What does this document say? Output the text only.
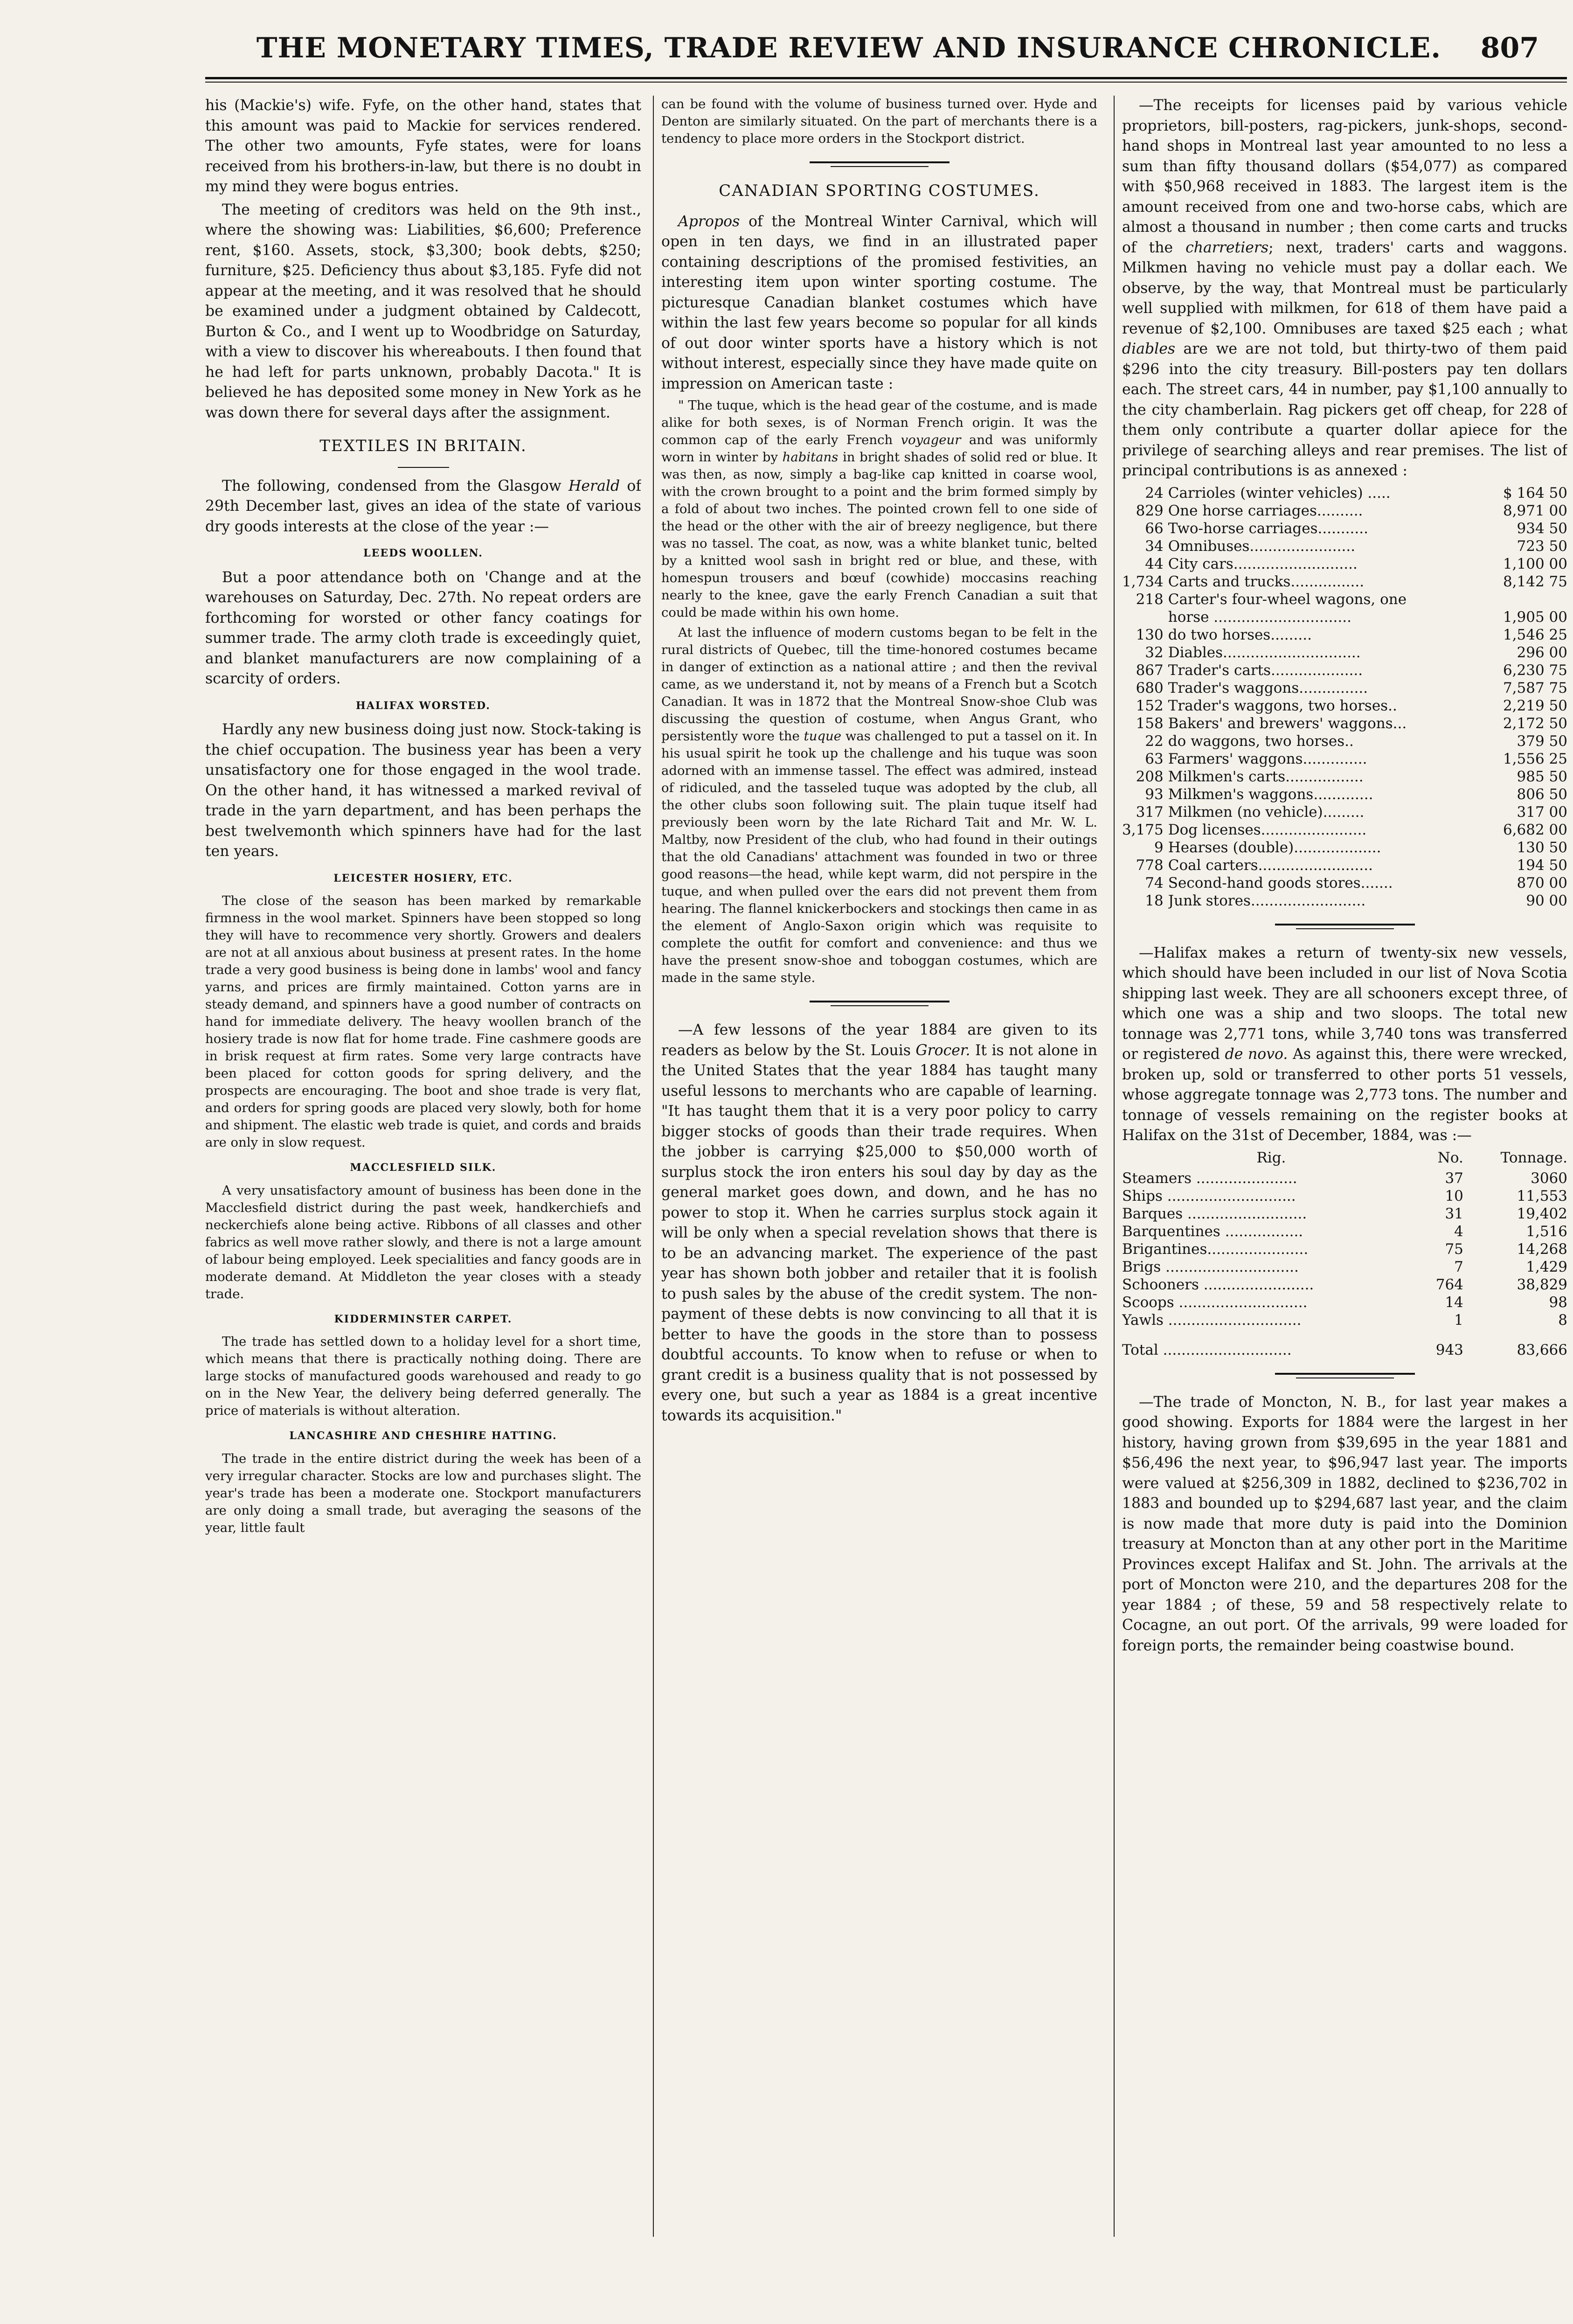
THE MONETARY TIMES, TRADE REVIEW AND INSURANCE CHRONICLE.	807

his (Mackie's) wife. Fyfe, on the other hand, states that this amount was paid to Mackie for services rendered. The other two amounts, Fyfe states, were for loans received from his brothers-in-law, but there is no doubt in my mind they were bogus entries.

The meeting of creditors was held on the 9th inst., where the showing was: Liabilities, $6,600; Preference rent, $160. Assets, stock, $3,300; book debts, $250; furniture, $25. Deficiency thus about $3,185. Fyfe did not appear at the meeting, and it was resolved that he should be examined under a judgment obtained by Caldecott, Burton & Co., and I went up to Woodbridge on Saturday, with a view to discover his whereabouts. I then found that he had left for parts unknown, probably Dacota." It is believed he has deposited some money in New York as he was down there for several days after the assignment.

TEXTILES IN BRITAIN.

The following, condensed from the Glasgow Herald of 29th December last, gives an idea of the state of various dry goods interests at the close of the year :—

LEEDS WOOLLEN.

But a poor attendance both on 'Change and at the warehouses on Saturday, Dec. 27th. No repeat orders are forthcoming for worsted or other fancy coatings for summer trade. The army cloth trade is exceedingly quiet, and blanket manufacturers are now complaining of a scarcity of orders.

HALIFAX WORSTED.

Hardly any new business doing just now. Stock-taking is the chief occupation. The business year has been a very unsatisfactory one for those engaged in the wool trade. On the other hand, it has witnessed a marked revival of trade in the yarn department, and has been perhaps the best twelvemonth which spinners have had for the last ten years.

LEICESTER HOSIERY, ETC.

The close of the season has been marked by remarkable firmness in the wool market. Spinners have been stopped so long they will have to recommence very shortly. Growers and dealers are not at all anxious about business at present rates. In the home trade a very good business is being done in lambs' wool and fancy yarns, and prices are firmly maintained. Cotton yarns are in steady demand, and spinners have a good number of contracts on hand for immediate delivery. The heavy woollen branch of the hosiery trade is now flat for home trade. Fine cashmere goods are in brisk request at firm rates. Some very large contracts have been placed for cotton goods for spring delivery, and the prospects are encouraging. The boot and shoe trade is very flat, and orders for spring goods are placed very slowly, both for home and shipment. The elastic web trade is quiet, and cords and braids are only in slow request.

MACCLESFIELD SILK.

A very unsatisfactory amount of business has been done in the Macclesfield district during the past week, handkerchiefs and neckerchiefs alone being active. Ribbons of all classes and other fabrics as well move rather slowly, and there is not a large amount of labour being employed. Leek specialities and fancy goods are in moderate demand. At Middleton the year closes with a steady trade.

KIDDERMINSTER CARPET.

The trade has settled down to a holiday level for a short time, which means that there is practically nothing doing. There are large stocks of manufactured goods warehoused and ready to go on in the New Year, the delivery being deferred generally. The price of materials is without alteration.

LANCASHIRE AND CHESHIRE HATTING.

The trade in the entire district during the week has been of a very irregular character. Stocks are low and purchases slight. The year's trade has been a moderate one. Stockport manufacturers are only doing a small trade, but averaging the seasons of the year, little fault

can be found with the volume of business turned over. Hyde and Denton are similarly situated. On the part of merchants there is a tendency to place more orders in the Stockport district.

CANADIAN SPORTING COSTUMES.

Apropos of the Montreal Winter Carnival, which will open in ten days, we find in an illustrated paper containing descriptions of the promised festivities, an interesting item upon winter sporting costume. The picturesque Canadian blanket costumes which have within the last few years become so popular for all kinds of out door winter sports have a history which is not without interest, especially since they have made quite on impression on American taste :

" The tuque, which is the head gear of the costume, and is made alike for both sexes, is of Norman French origin. It was the common cap of the early French voyageur and was uniformly worn in winter by habitans in bright shades of solid red or blue. It was then, as now, simply a bag-like cap knitted in coarse wool, with the crown brought to a point and the brim formed simply by a fold of about two inches. The pointed crown fell to one side of the head or the other with the air of breezy negligence, but there was no tassel. The coat, as now, was a white blanket tunic, belted by a knitted wool sash in bright red or blue, and these, with homespun trousers and bœuf (cowhide) moccasins reaching nearly to the knee, gave the early French Canadian a suit that could be made within his own home.

At last the influence of modern customs began to be felt in the rural districts of Quebec, till the time-honored costumes became in danger of extinction as a national attire ; and then the revival came, as we understand it, not by means of a French but a Scotch Canadian. It was in 1872 that the Montreal Snow-shoe Club was discussing the question of costume, when Angus Grant, who persistently wore the tuque was challenged to put a tassel on it. In his usual spirit he took up the challenge and his tuque was soon adorned with an immense tassel. The effect was admired, instead of ridiculed, and the tasseled tuque was adopted by the club, all the other clubs soon following suit. The plain tuque itself had previously been worn by the late Richard Tait and Mr. W. L. Maltby, now President of the club, who had found in their outings that the old Canadians' attachment was founded in two or three good reasons—the head, while kept warm, did not perspire in the tuque, and when pulled over the ears did not prevent them from hearing. The flannel knickerbockers and stockings then came in as the element of Anglo-Saxon origin which was requisite to complete the outfit for comfort and convenience: and thus we have the present snow-shoe and toboggan costumes, which are made in the same style.

—A few lessons of the year 1884 are given to its readers as below by the St. Louis Grocer. It is not alone in the United States that the year 1884 has taught many useful lessons to merchants who are capable of learning. "It has taught them that it is a very poor policy to carry bigger stocks of goods than their trade requires. When the jobber is carrying $25,000 to $50,000 worth of surplus stock the iron enters his soul day by day as the general market goes down, and down, and he has no power to stop it. When he carries surplus stock again it will be only when a special revelation shows that there is to be an advancing market. The experience of the past year has shown both jobber and retailer that it is foolish to push sales by the abuse of the credit system. The non-payment of these debts is now convincing to all that it is better to have the goods in the store than to possess doubtful accounts. To know when to refuse or when to grant credit is a business quality that is not possessed by every one, but such a year as 1884 is a great incentive towards its acquisition."

—The receipts for licenses paid by various vehicle proprietors, bill-posters, rag-pickers, junk-shops, second-hand shops in Montreal last year amounted to no less a sum than fifty thousand dollars ($54,077) as compared with $50,968 received in 1883. The largest item is the amount received from one and two-horse cabs, which are almost a thousand in number ; then come carts and trucks of the charretiers; next, traders' carts and waggons. Milkmen having no vehicle must pay a dollar each. We observe, by the way, that Montreal must be particularly well supplied with milkmen, for 618 of them have paid a revenue of $2,100. Omnibuses are taxed $25 each ; what diables are we are not told, but thirty-two of them paid $296 into the city treasury. Bill-posters pay ten dollars each. The street cars, 44 in number, pay $1,100 annually to the city chamberlain. Rag pickers get off cheap, for 228 of them only contribute a quarter dollar apiece for the privilege of searching alleys and rear premises. The list of principal contributions is as annexed :

24	Carrioles (winter vehicles) .....	$ 164 50
829	One horse carriages..........	8,971 00
66	Two-horse carriages...........	934 50
34	Omnibuses.......................	723 50
44	City cars...........................	1,100 00
1,734	Carts and trucks................	8,142 75
218	Carter's four-wheel wagons, one	
	horse ..............................	1,905 00
130	do two horses.........	1,546 25
32	Diables..............................	296 00
867	Trader's carts....................	6,230 75
680	Trader's waggons...............	7,587 75
152	Trader's waggons, two horses..	2,219 50
158	Bakers' and brewers' waggons...	2,172 50
22	do waggons, two horses..	379 50
63	Farmers' waggons..............	1,556 25
208	Milkmen's carts.................	985 50
93	Milkmen's waggons.............	806 50
317	Milkmen (no vehicle).........	317 00
3,175	Dog licenses.......................	6,682 00
9	Hearses (double)...................	130 50
778	Coal carters.........................	194 50
74	Second-hand goods stores.......	870 00
18	Junk stores.........................	90 00

—Halifax makes a return of twenty-six new vessels, which should have been included in our list of Nova Scotia shipping last week. They are all schooners except three, of which one was a ship and two sloops. The total new tonnage was 2,771 tons, while 3,740 tons was transferred or registered de novo. As against this, there were wrecked, broken up, sold or transferred to other ports 51 vessels, whose aggregate tonnage was 2,773 tons. The number and tonnage of vessels remaining on the register books at Halifax on the 31st of December, 1884, was :—

Rig.	No.	Tonnage.
Steamers ......................	37	3060
Ships ............................	10	11,553
Barques ..........................	31	19,402
Barquentines .................	4	1,516
Brigantines......................	75	14,268
Brigs .............................	7	1,429
Schooners ........................	764	38,829
Scoops ............................	14	98
Yawls .............................	1	8
Total ............................	943	83,666

—The trade of Moncton, N. B., for last year makes a good showing. Exports for 1884 were the largest in her history, having grown from $39,695 in the year 1881 and $56,496 the next year, to $96,947 last year. The imports were valued at $256,309 in 1882, declined to $236,702 in 1883 and bounded up to $294,687 last year, and the claim is now made that more duty is paid into the Dominion treasury at Moncton than at any other port in the Maritime Provinces except Halifax and St. John. The arrivals at the port of Moncton were 210, and the departures 208 for the year 1884 ; of these, 59 and 58 respectively relate to Cocagne, an out port. Of the arrivals, 99 were loaded for foreign ports, the remainder being coastwise bound.
